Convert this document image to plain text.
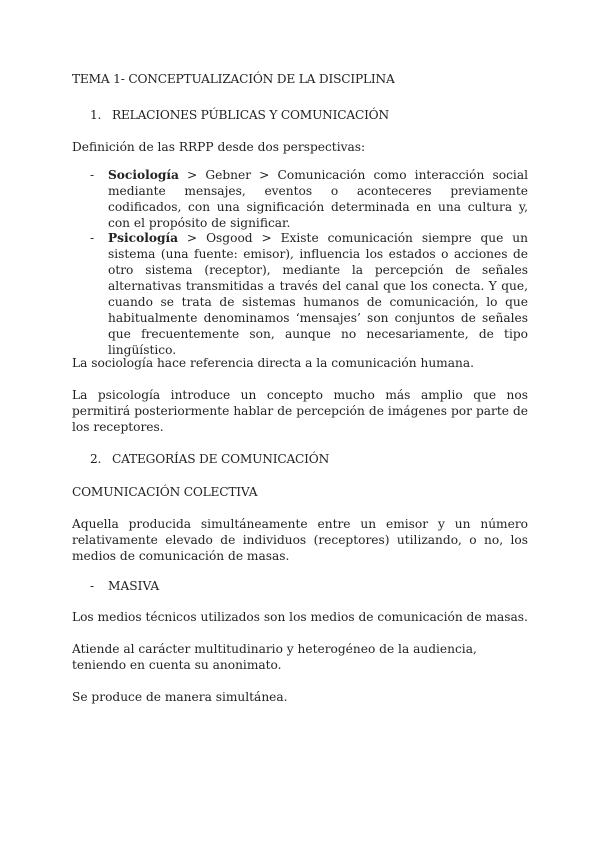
TEMA 1- CONCEPTUALIZACIÓN DE LA DISCIPLINA

1. RELACIONES PÚBLICAS Y COMUNICACIÓN

Definición de las RRPP desde dos perspectivas:

- Sociología > Gebner > Comunicación como interacción social mediante mensajes, eventos o aconteceres previamente codificados, con una significación determinada en una cultura y, con el propósito de significar.

- Psicología > Osgood > Existe comunicación siempre que un sistema (una fuente: emisor), influencia los estados o acciones de otro sistema (receptor), mediante la percepción de señales alternativas transmitidas a través del canal que los conecta. Y que, cuando se trata de sistemas humanos de comunicación, lo que habitualmente denominamos ‘mensajes’ son conjuntos de señales que frecuentemente son, aunque no necesariamente, de tipo lingüístico.

La sociología hace referencia directa a la comunicación humana.

La psicología introduce un concepto mucho más amplio que nos permitirá posteriormente hablar de percepción de imágenes por parte de los receptores.

2. CATEGORÍAS DE COMUNICACIÓN

COMUNICACIÓN COLECTIVA

Aquella producida simultáneamente entre un emisor y un número relativamente elevado de individuos (receptores) utilizando, o no, los medios de comunicación de masas.

- MASIVA

Los medios técnicos utilizados son los medios de comunicación de masas.

Atiende al carácter multitudinario y heterogéneo de la audiencia, teniendo en cuenta su anonimato.

Se produce de manera simultánea.
